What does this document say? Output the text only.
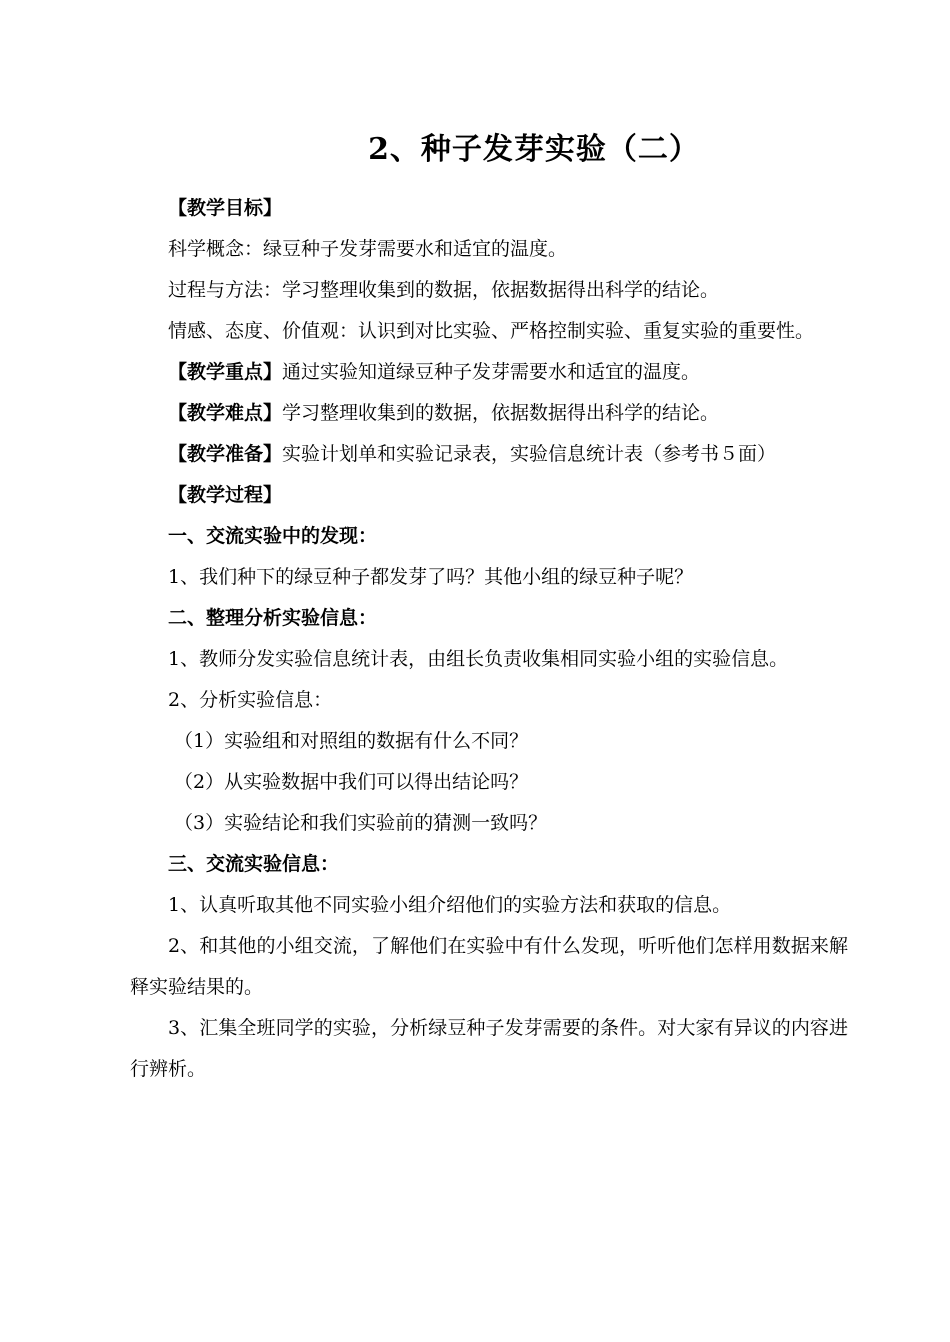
2、种子发芽实验（二）

【教学目标】

科学概念：绿豆种子发芽需要水和适宜的温度。

过程与方法：学习整理收集到的数据，依据数据得出科学的结论。

情感、态度、价值观：认识到对比实验、严格控制实验、重复实验的重要性。

【教学重点】通过实验知道绿豆种子发芽需要水和适宜的温度。

【教学难点】学习整理收集到的数据，依据数据得出科学的结论。

【教学准备】实验计划单和实验记录表，实验信息统计表（参考书５面）

【教学过程】

一、交流实验中的发现：

1、我们种下的绿豆种子都发芽了吗？其他小组的绿豆种子呢？

二、整理分析实验信息：

1、教师分发实验信息统计表，由组长负责收集相同实验小组的实验信息。

2、分析实验信息：

（1）实验组和对照组的数据有什么不同？

（2）从实验数据中我们可以得出结论吗？

（3）实验结论和我们实验前的猜测一致吗？

三、交流实验信息：

1、认真听取其他不同实验小组介绍他们的实验方法和获取的信息。

2、和其他的小组交流，了解他们在实验中有什么发现，听听他们怎样用数据来解释实验结果的。

3、汇集全班同学的实验，分析绿豆种子发芽需要的条件。对大家有异议的内容进行辨析。
